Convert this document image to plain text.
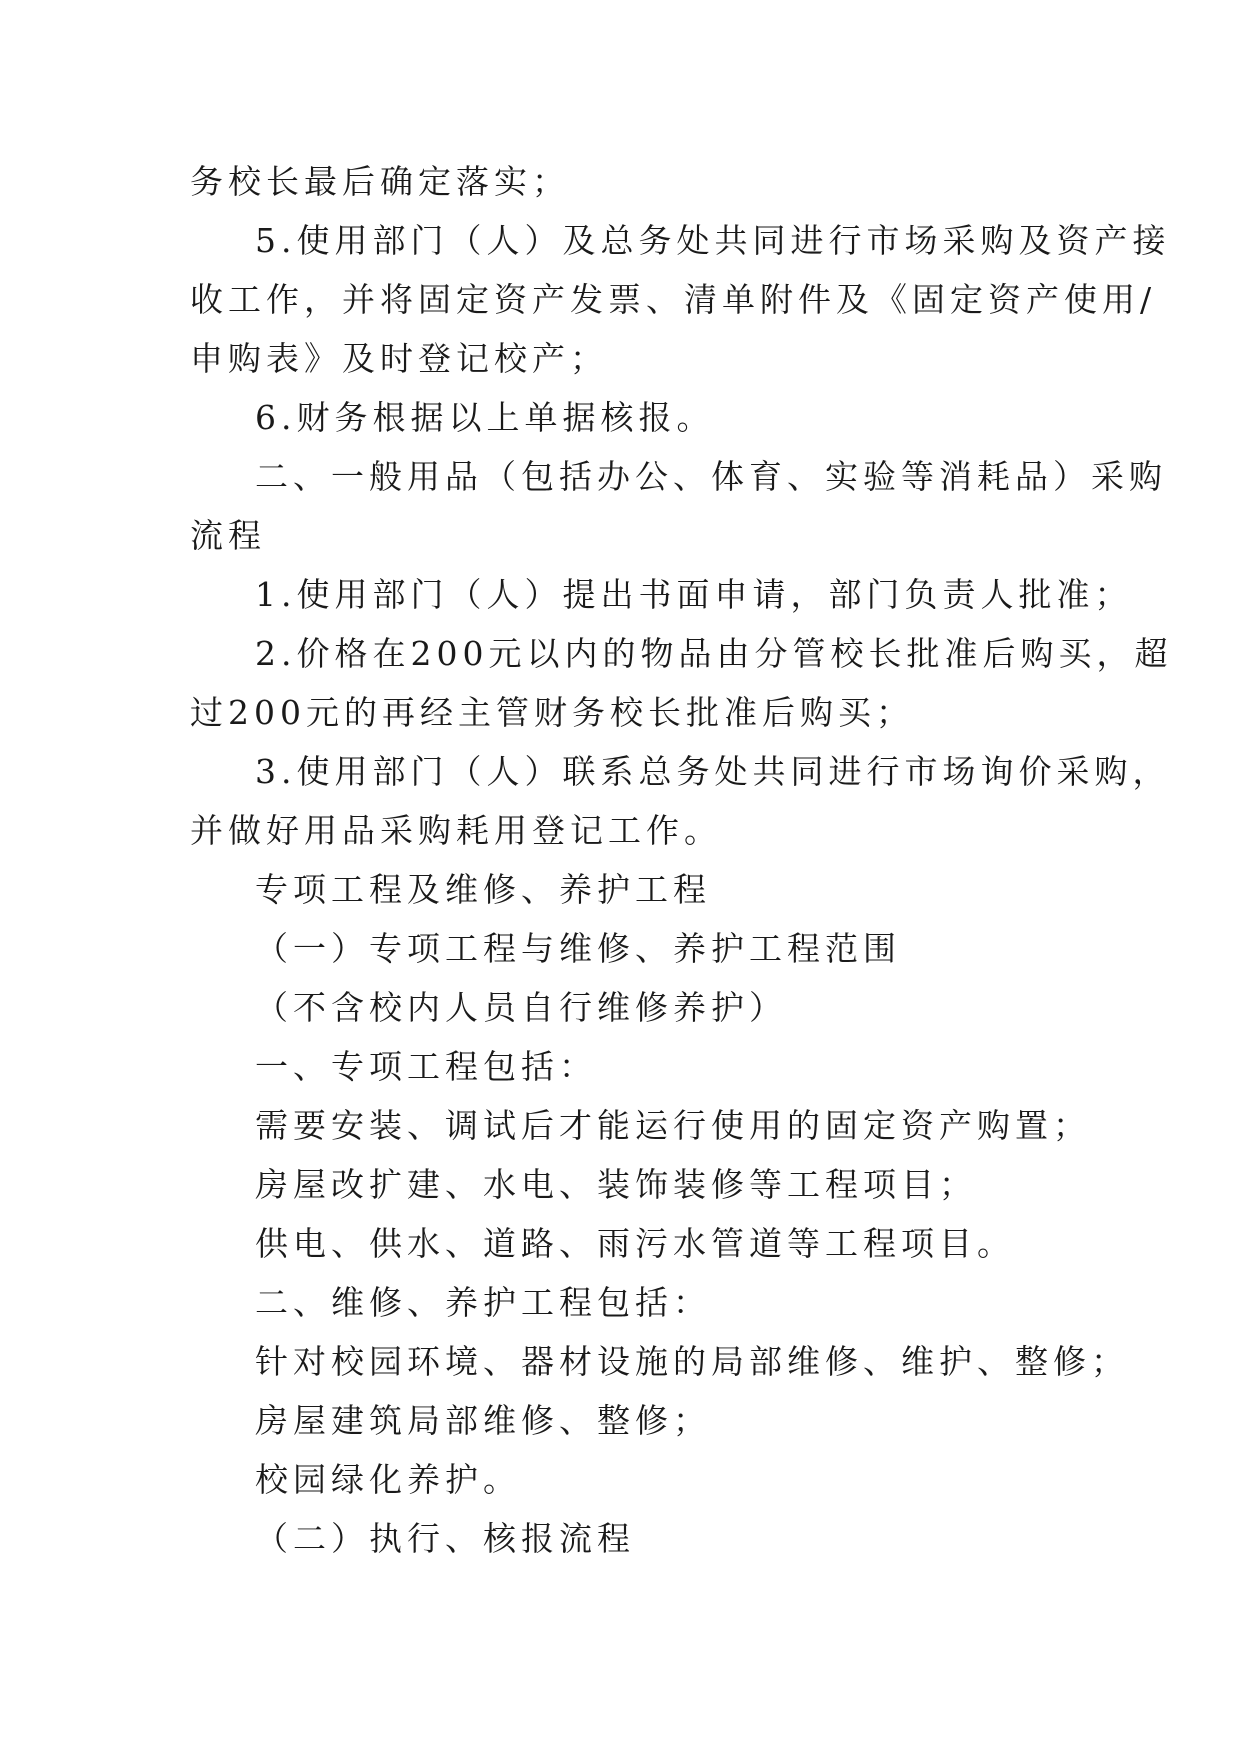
务校长最后确定落实；

5.使用部门（人）及总务处共同进行市场采购及资产接

收工作，并将固定资产发票、清单附件及《固定资产使用/

申购表》及时登记校产；

6.财务根据以上单据核报。

二、一般用品（包括办公、体育、实验等消耗品）采购

流程

1.使用部门（人）提出书面申请，部门负责人批准；

2.价格在200元以内的物品由分管校长批准后购买，超

过200元的再经主管财务校长批准后购买；

3.使用部门（人）联系总务处共同进行市场询价采购，

并做好用品采购耗用登记工作。

专项工程及维修、养护工程

（一）专项工程与维修、养护工程范围

（不含校内人员自行维修养护）

一、专项工程包括：

需要安装、调试后才能运行使用的固定资产购置；

房屋改扩建、水电、装饰装修等工程项目；

供电、供水、道路、雨污水管道等工程项目。

二、维修、养护工程包括：

针对校园环境、器材设施的局部维修、维护、整修；

房屋建筑局部维修、整修；

校园绿化养护。

（二）执行、核报流程
